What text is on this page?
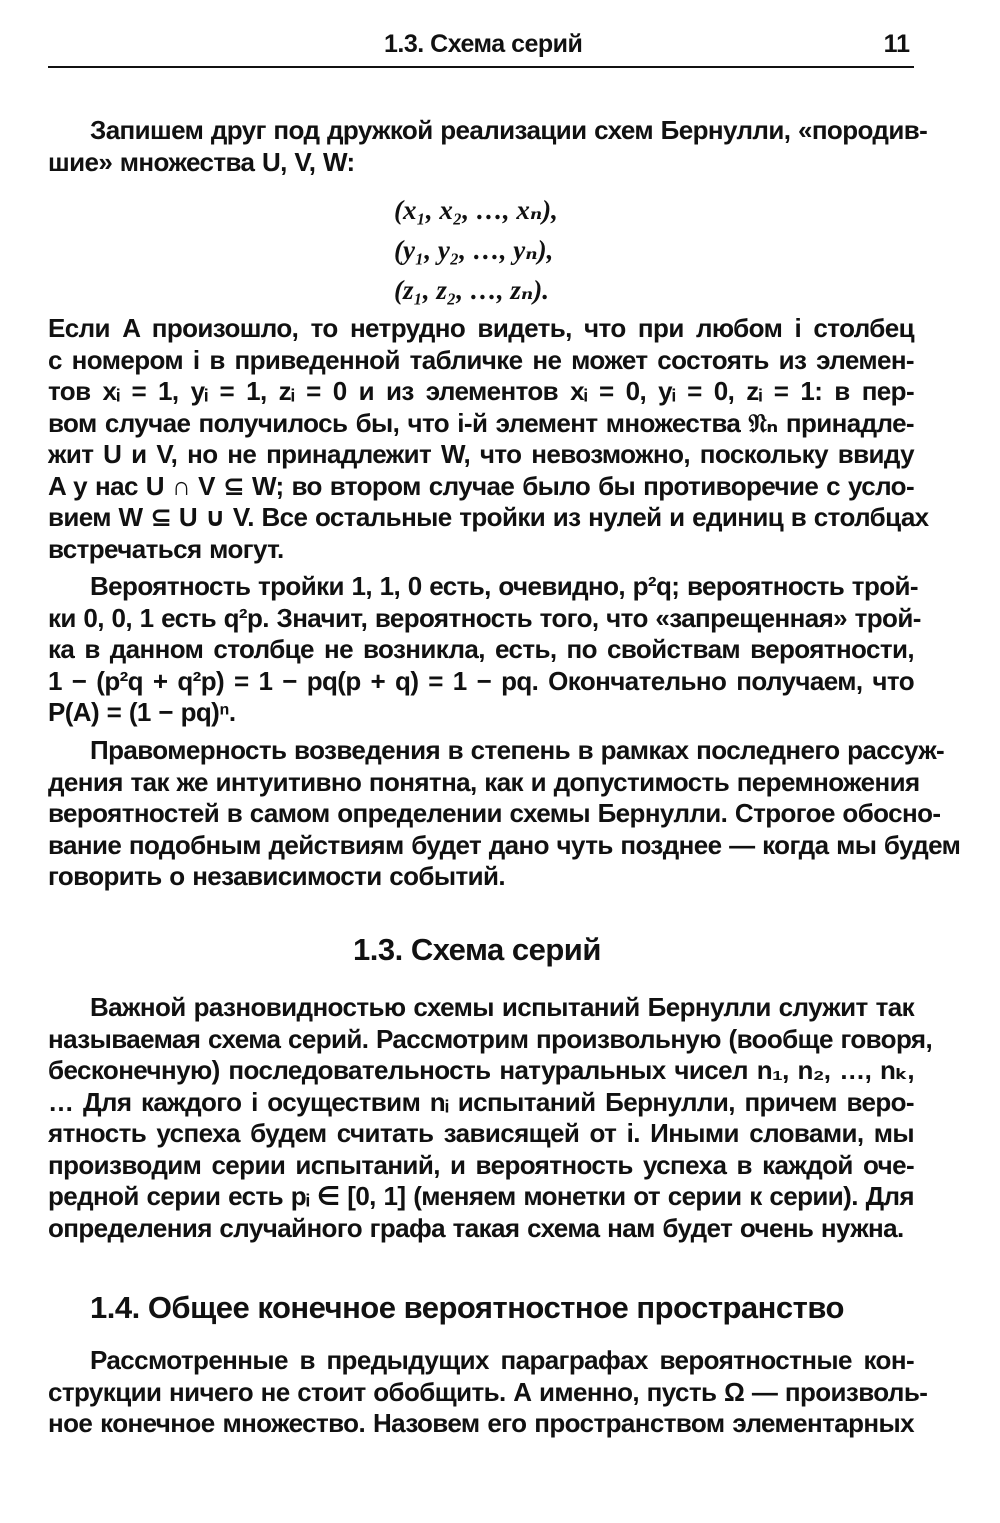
1.3. Схема серий	11
Запишем друг под дружкой реализации схем Бернулли, «породив-
шие» множества U, V, W:
(x₁, x₂, …, xₙ),
(y₁, y₂, …, yₙ),
(z₁, z₂, …, zₙ).
Если A произошло, то нетрудно видеть, что при любом i столбец
с номером i в приведенной табличке не может состоять из элемен-
тов xᵢ = 1, yᵢ = 1, zᵢ = 0 и из элементов xᵢ = 0, yᵢ = 0, zᵢ = 1: в пер-
вом случае получилось бы, что i-й элемент множества 𝔑ₙ принадле-
жит U и V, но не принадлежит W, что невозможно, поскольку ввиду
A у нас U ∩ V ⊆ W; во втором случае было бы противоречие с усло-
вием W ⊆ U ∪ V. Все остальные тройки из нулей и единиц в столбцах
встречаться могут.
Вероятность тройки 1, 1, 0 есть, очевидно, p²q; вероятность трой-
ки 0, 0, 1 есть q²p. Значит, вероятность того, что «запрещенная» трой-
ка в данном столбце не возникла, есть, по свойствам вероятности,
1 − (p²q + q²p) = 1 − pq(p + q) = 1 − pq. Окончательно получаем, что
P(A) = (1 − pq)ⁿ.
Правомерность возведения в степень в рамках последнего рассуж-
дения так же интуитивно понятна, как и допустимость перемножения
вероятностей в самом определении схемы Бернулли. Строгое обосно-
вание подобным действиям будет дано чуть позднее — когда мы будем
говорить о независимости событий.
1.3. Схема серий
Важной разновидностью схемы испытаний Бернулли служит так
называемая схема серий. Рассмотрим произвольную (вообще говоря,
бесконечную) последовательность натуральных чисел n₁, n₂, …, nₖ,
… Для каждого i осуществим nᵢ испытаний Бернулли, причем веро-
ятность успеха будем считать зависящей от i. Иными словами, мы
производим серии испытаний, и вероятность успеха в каждой оче-
редной серии есть pᵢ ∈ [0, 1] (меняем монетки от серии к серии). Для
определения случайного графа такая схема нам будет очень нужна.
1.4. Общее конечное вероятностное пространство
Рассмотренные в предыдущих параграфах вероятностные кон-
струкции ничего не стоит обобщить. А именно, пусть Ω — произволь-
ное конечное множество. Назовем его пространством элементарных
